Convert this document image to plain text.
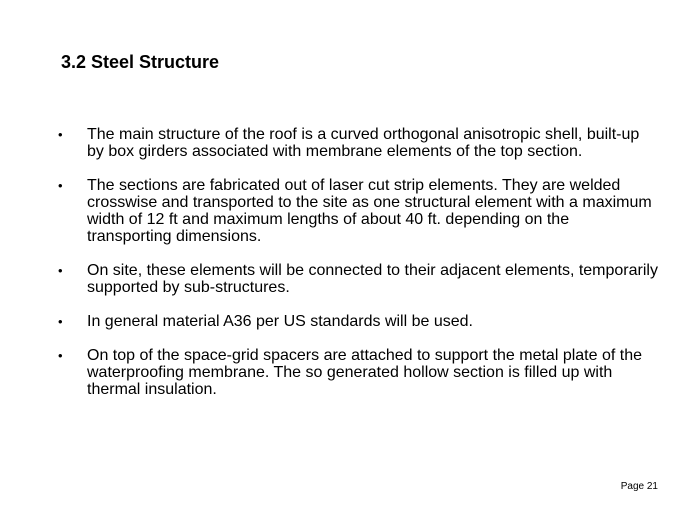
3.2 Steel Structure
• The main structure of the roof is a curved orthogonal anisotropic shell, built-up by box girders associated with membrane elements of the top section.
• The sections are fabricated out of laser cut strip elements. They are welded crosswise and transported to the site as one structural element with a maximum width of 12 ft and maximum lengths of about 40 ft. depending on the transporting dimensions.
• On site, these elements will be connected to their adjacent elements, temporarily supported by sub-structures.
• In general material A36 per US standards will be used.
• On top of the space-grid spacers are attached to support the metal plate of the waterproofing membrane. The so generated hollow section is filled up with thermal insulation.
Page 21
